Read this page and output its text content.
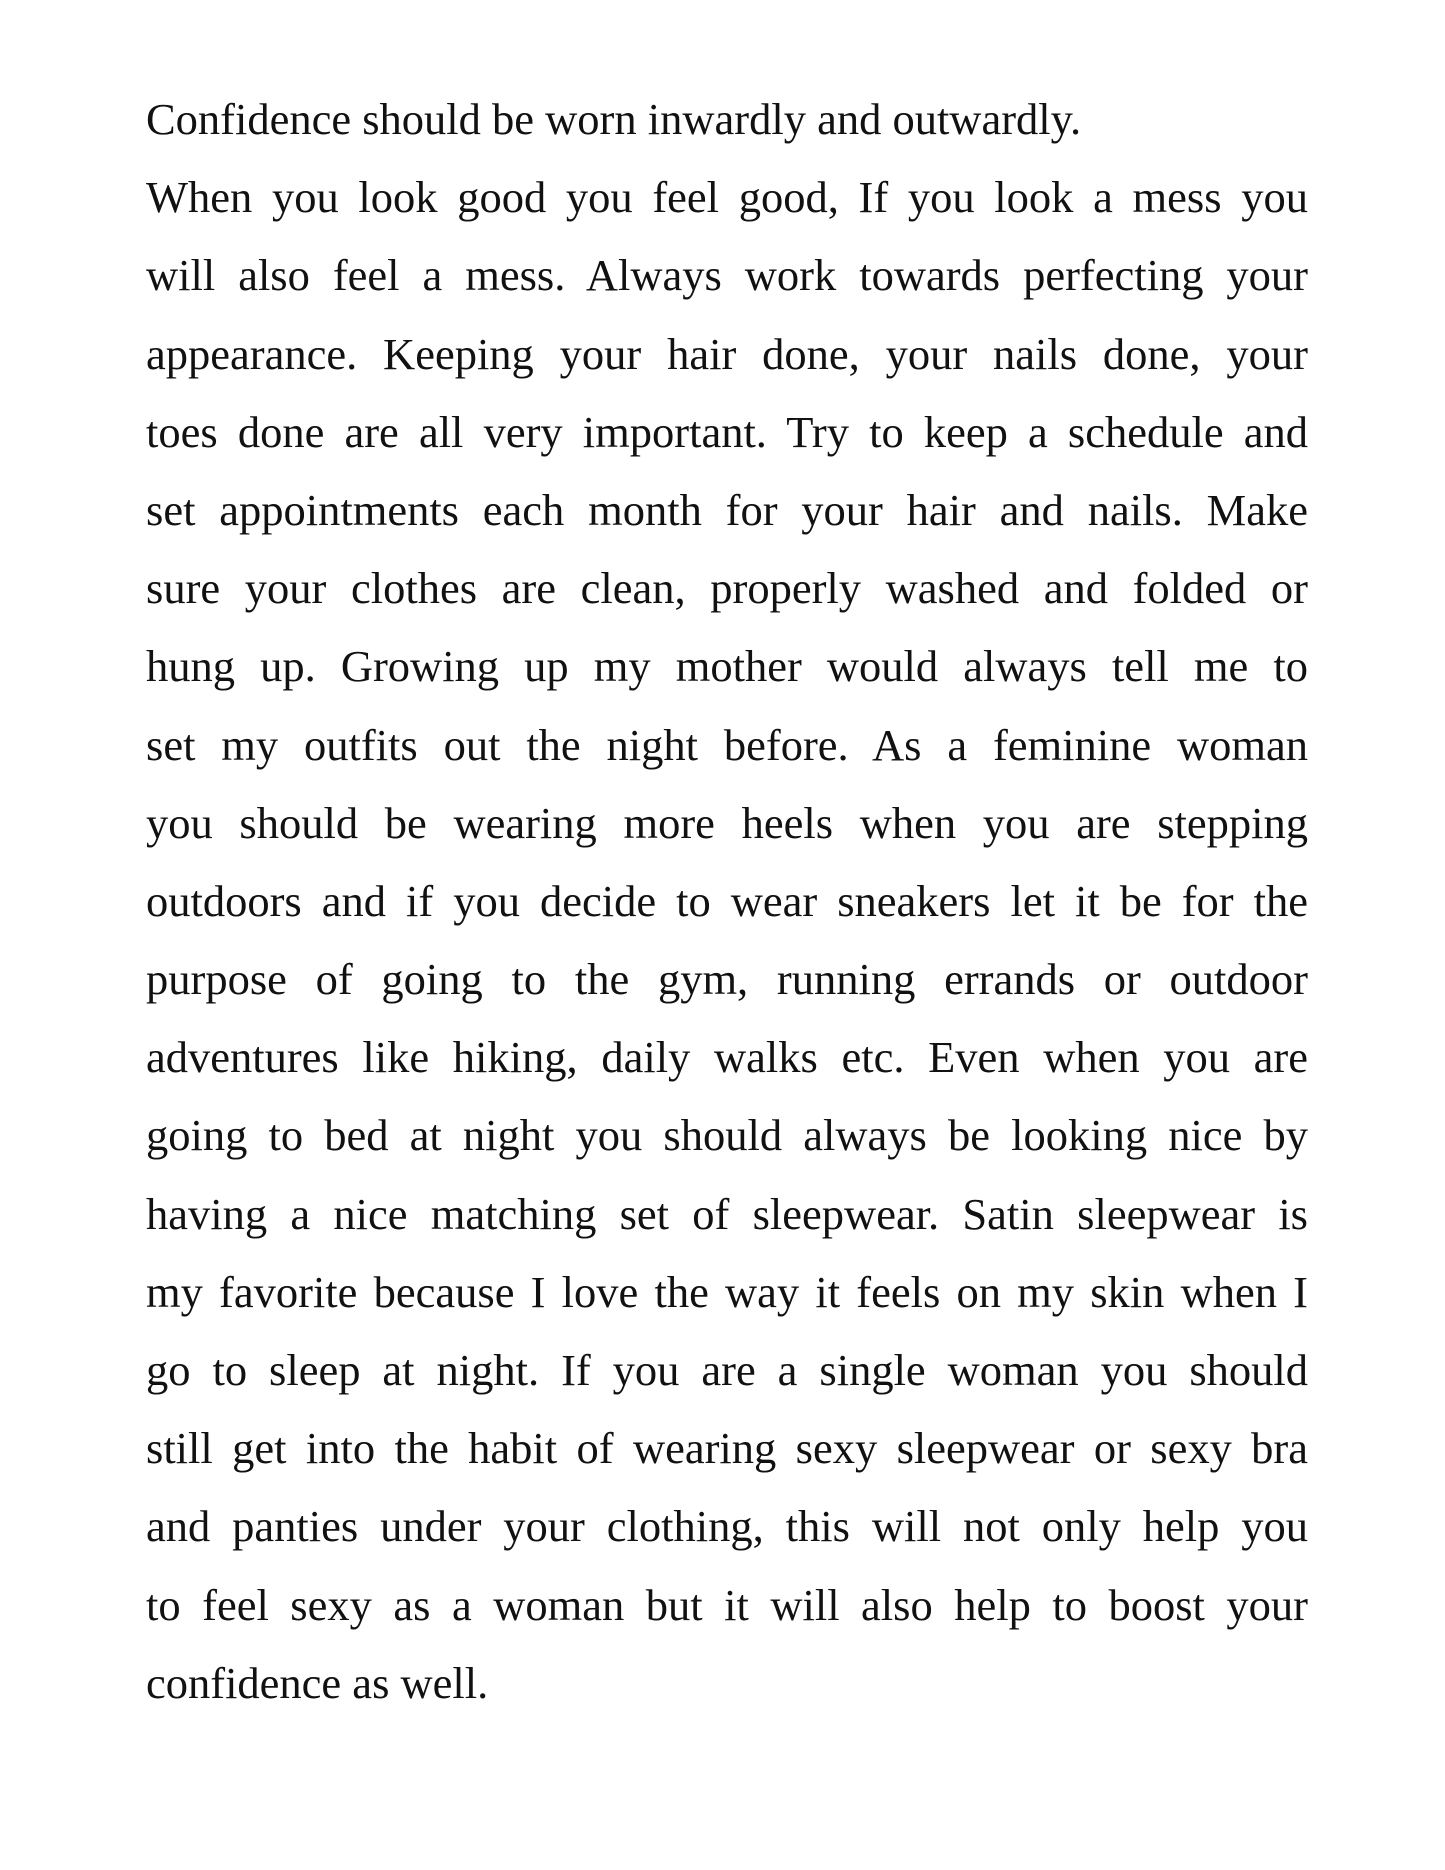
Confidence should be worn inwardly and outwardly.
When you look good you feel good, If you look a mess you
will also feel a mess. Always work towards perfecting your
appearance. Keeping your hair done, your nails done, your
toes done are all very important. Try to keep a schedule and
set appointments each month for your hair and nails. Make
sure your clothes are clean, properly washed and folded or
hung up. Growing up my mother would always tell me to
set my outfits out the night before. As a feminine woman
you should be wearing more heels when you are stepping
outdoors and if you decide to wear sneakers let it be for the
purpose of going to the gym, running errands or outdoor
adventures like hiking, daily walks etc. Even when you are
going to bed at night you should always be looking nice by
having a nice matching set of sleepwear. Satin sleepwear is
my favorite because I love the way it feels on my skin when I
go to sleep at night. If you are a single woman you should
still get into the habit of wearing sexy sleepwear or sexy bra
and panties under your clothing, this will not only help you
to feel sexy as a woman but it will also help to boost your
confidence as well.
